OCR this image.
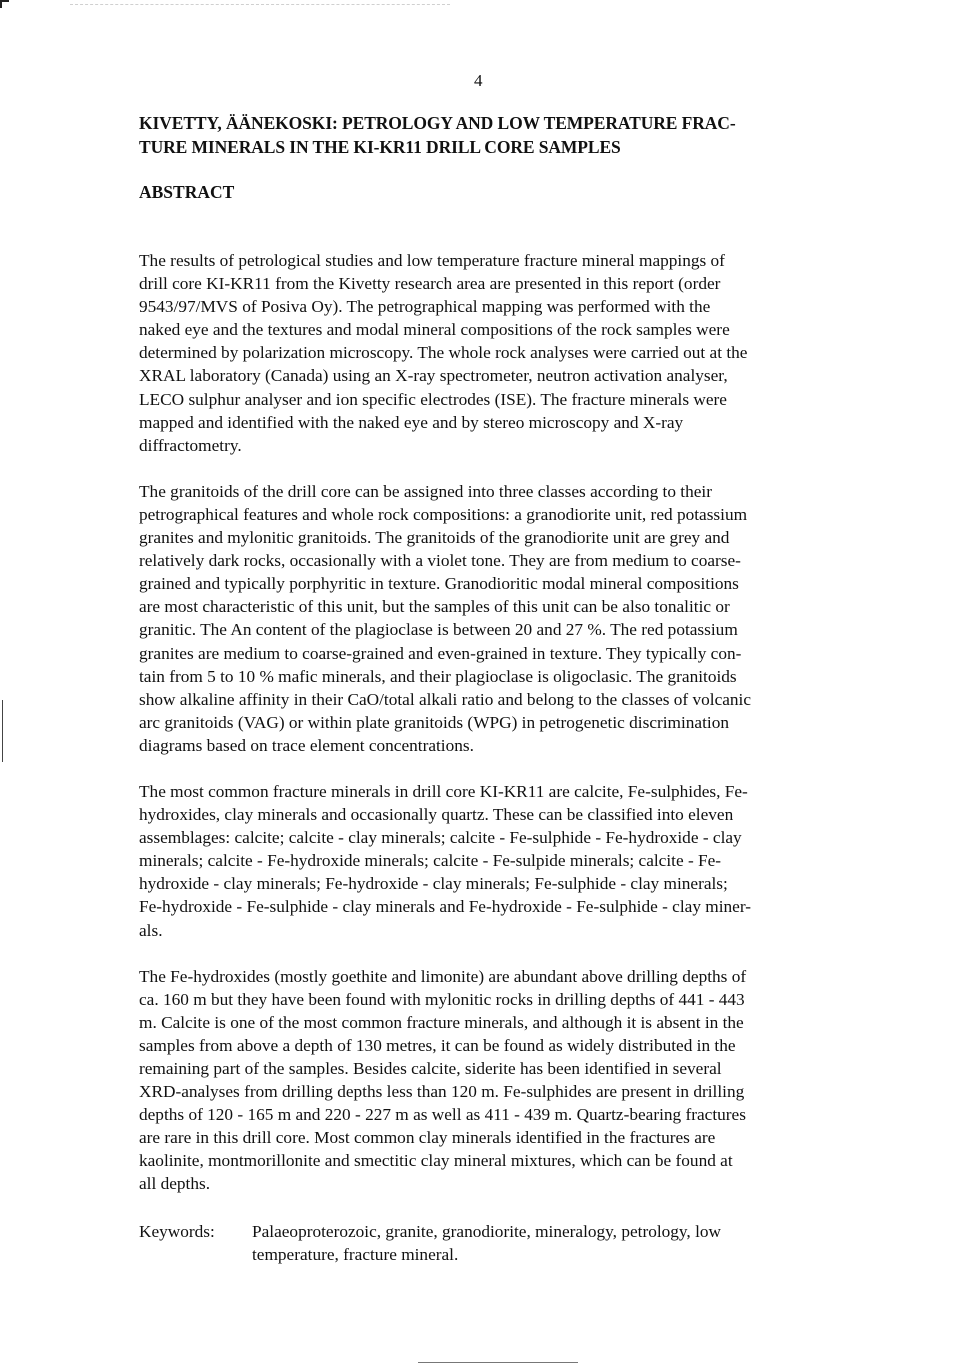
4
KIVETTY, ÄÄNEKOSKI: PETROLOGY AND LOW TEMPERATURE FRAC-
TURE MINERALS IN THE KI-KR11 DRILL CORE SAMPLES
ABSTRACT
The results of petrological studies and low temperature fracture mineral mappings of
drill core KI-KR11 from the Kivetty research area are presented in this report (order
9543/97/MVS of Posiva Oy). The petrographical mapping was performed with the
naked eye and the textures and modal mineral compositions of the rock samples were
determined by polarization microscopy. The whole rock analyses were carried out at the
XRAL laboratory (Canada) using an X-ray spectrometer, neutron activation analyser,
LECO sulphur analyser and ion specific electrodes (ISE). The fracture minerals were
mapped and identified with the naked eye and by stereo microscopy and X-ray
diffractometry.
The granitoids of the drill core can be assigned into three classes according to their
petrographical features and whole rock compositions: a granodiorite unit, red potassium
granites and mylonitic granitoids. The granitoids of the granodiorite unit are grey and
relatively dark rocks, occasionally with a violet tone. They are from medium to coarse-
grained and typically porphyritic in texture. Granodioritic modal mineral compositions
are most characteristic of this unit, but the samples of this unit can be also tonalitic or
granitic. The An content of the plagioclase is between 20 and 27 %. The red potassium
granites are medium to coarse-grained and even-grained in texture. They typically con-
tain from 5 to 10 % mafic minerals, and their plagioclase is oligoclasic. The granitoids
show alkaline affinity in their CaO/total alkali ratio and belong to the classes of volcanic
arc granitoids (VAG) or within plate granitoids (WPG) in petrogenetic discrimination
diagrams based on trace element concentrations.
The most common fracture minerals in drill core KI-KR11 are calcite, Fe-sulphides, Fe-
hydroxides, clay minerals and occasionally quartz. These can be classified into eleven
assemblages: calcite; calcite - clay minerals; calcite - Fe-sulphide - Fe-hydroxide - clay
minerals; calcite - Fe-hydroxide minerals; calcite - Fe-sulpide minerals; calcite - Fe-
hydroxide - clay minerals; Fe-hydroxide - clay minerals; Fe-sulphide - clay minerals;
Fe-hydroxide - Fe-sulphide - clay minerals and Fe-hydroxide - Fe-sulphide - clay miner-
als.
The Fe-hydroxides (mostly goethite and limonite) are abundant above drilling depths of
ca. 160 m but they have been found with mylonitic rocks in drilling depths of 441 - 443
m. Calcite is one of the most common fracture minerals, and although it is absent in the
samples from above a depth of 130 metres, it can be found as widely distributed in the
remaining part of the samples. Besides calcite, siderite has been identified in several
XRD-analyses from drilling depths less than 120 m. Fe-sulphides are present in drilling
depths of 120 - 165 m and 220 - 227 m as well as 411 - 439 m. Quartz-bearing fractures
are rare in this drill core. Most common clay minerals identified in the fractures are
kaolinite, montmorillonite and smectitic clay mineral mixtures, which can be found at
all depths.
Keywords:	Palaeoproterozoic, granite, granodiorite, mineralogy, petrology, low
temperature, fracture mineral.
